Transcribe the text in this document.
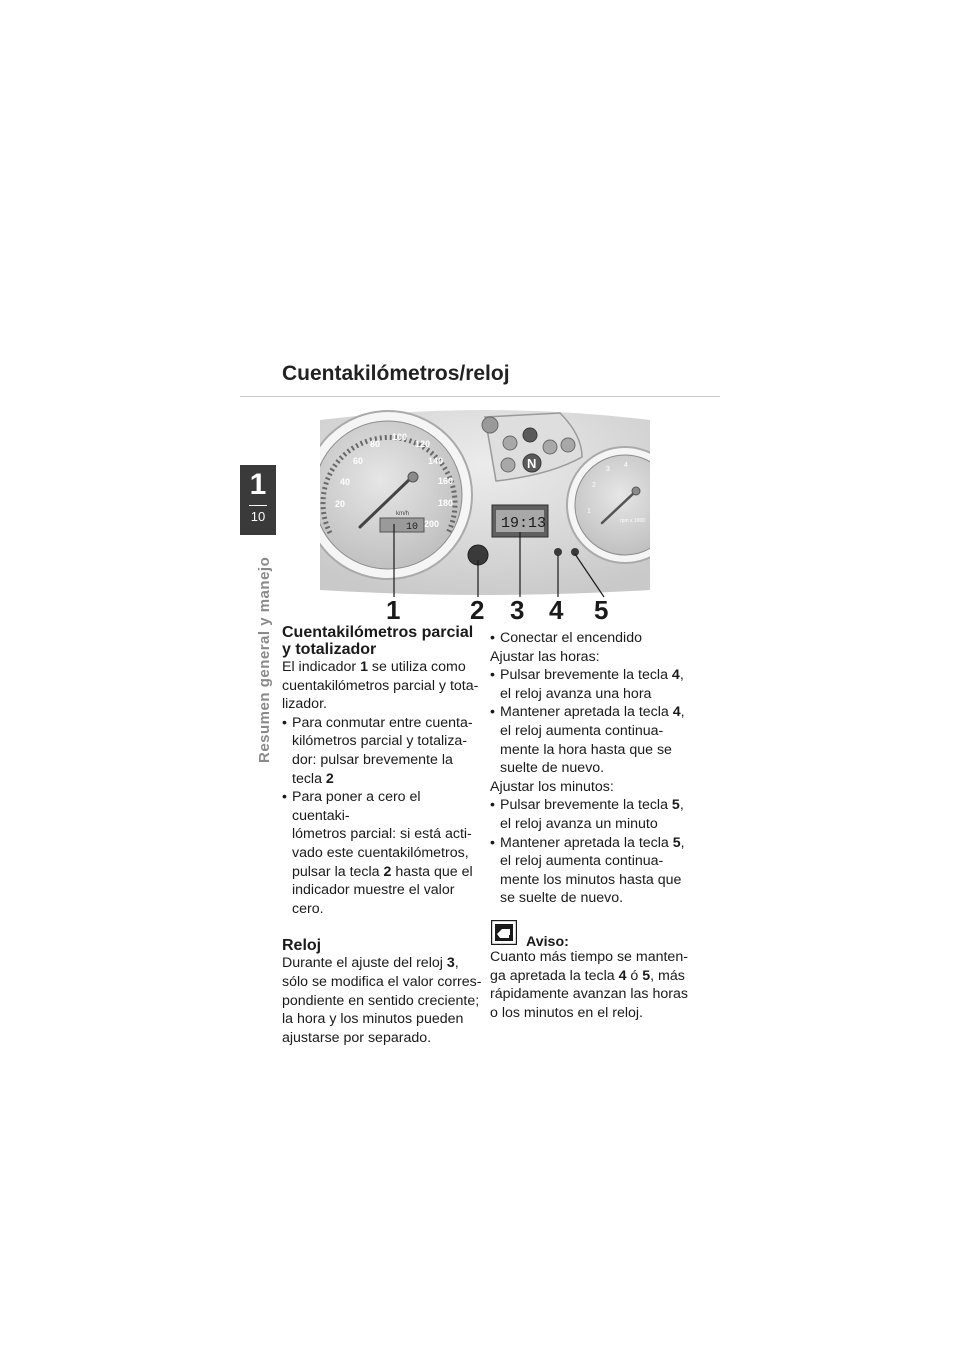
1
10
Resumen general y manejo
Cuentakilómetros/reloj
20
40
60
80
100
120
140
160
180
200
km/h
10
N
19:13
1
2
3
4
rpm x 1000
1	2 3 4 5
Cuentakilómetros parcial
y totalizador

El indicador 1 se utiliza como
cuentakilómetros parcial y tota-
lizador.

• Para conmutar entre cuenta-
kilómetros parcial y totaliza-
dor: pulsar brevemente la
tecla 2
• Para poner a cero el cuentaki-
lómetros parcial: si está acti-
vado este cuentakilómetros,
pulsar la tecla 2 hasta que el
indicador muestre el valor
cero.
Reloj

Durante el ajuste del reloj 3,
sólo se modifica el valor corres-
pondiente en sentido creciente;
la hora y los minutos pueden
ajustarse por separado.

• Conectar el encendido

Ajustar las horas:

• Pulsar brevemente la tecla 4,
el reloj avanza una hora
• Mantener apretada la tecla 4,
el reloj aumenta continua-
mente la hora hasta que se
suelte de nuevo.

Ajustar los minutos:

• Pulsar brevemente la tecla 5,
el reloj avanza un minuto
• Mantener apretada la tecla 5,
el reloj aumenta continua-
mente los minutos hasta que
se suelte de nuevo.
Aviso:

Cuanto más tiempo se manten-
ga apretada la tecla 4 ó 5, más
rápidamente avanzan las horas
o los minutos en el reloj.
